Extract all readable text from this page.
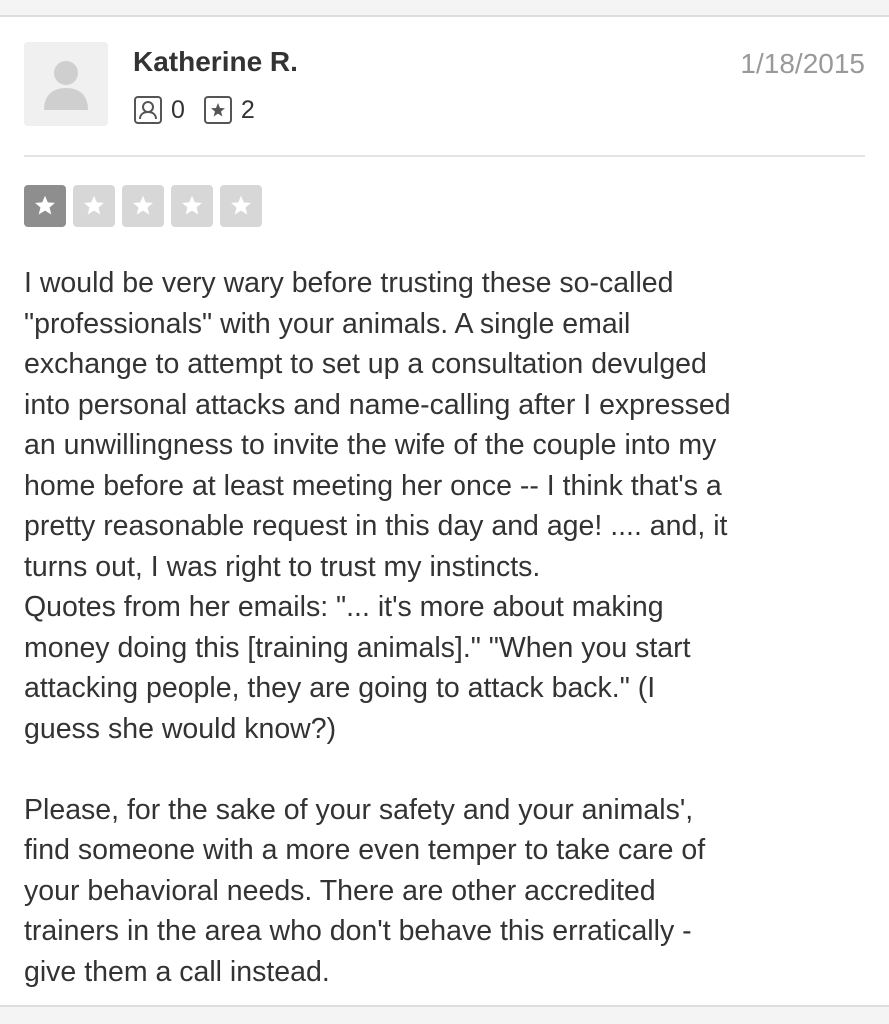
Katherine R.	1/18/2015
0 2

I would be very wary before trusting these so-called
"professionals" with your animals. A single email
exchange to attempt to set up a consultation devulged
into personal attacks and name-calling after I expressed
an unwillingness to invite the wife of the couple into my
home before at least meeting her once -- I think that's a
pretty reasonable request in this day and age! .... and, it
turns out, I was right to trust my instincts.
Quotes from her emails: "... it's more about making
money doing this [training animals]." "When you start
attacking people, they are going to attack back." (I
guess she would know?)

Please, for the sake of your safety and your animals',
find someone with a more even temper to take care of
your behavioral needs. There are other accredited
trainers in the area who don't behave this erratically -
give them a call instead.
